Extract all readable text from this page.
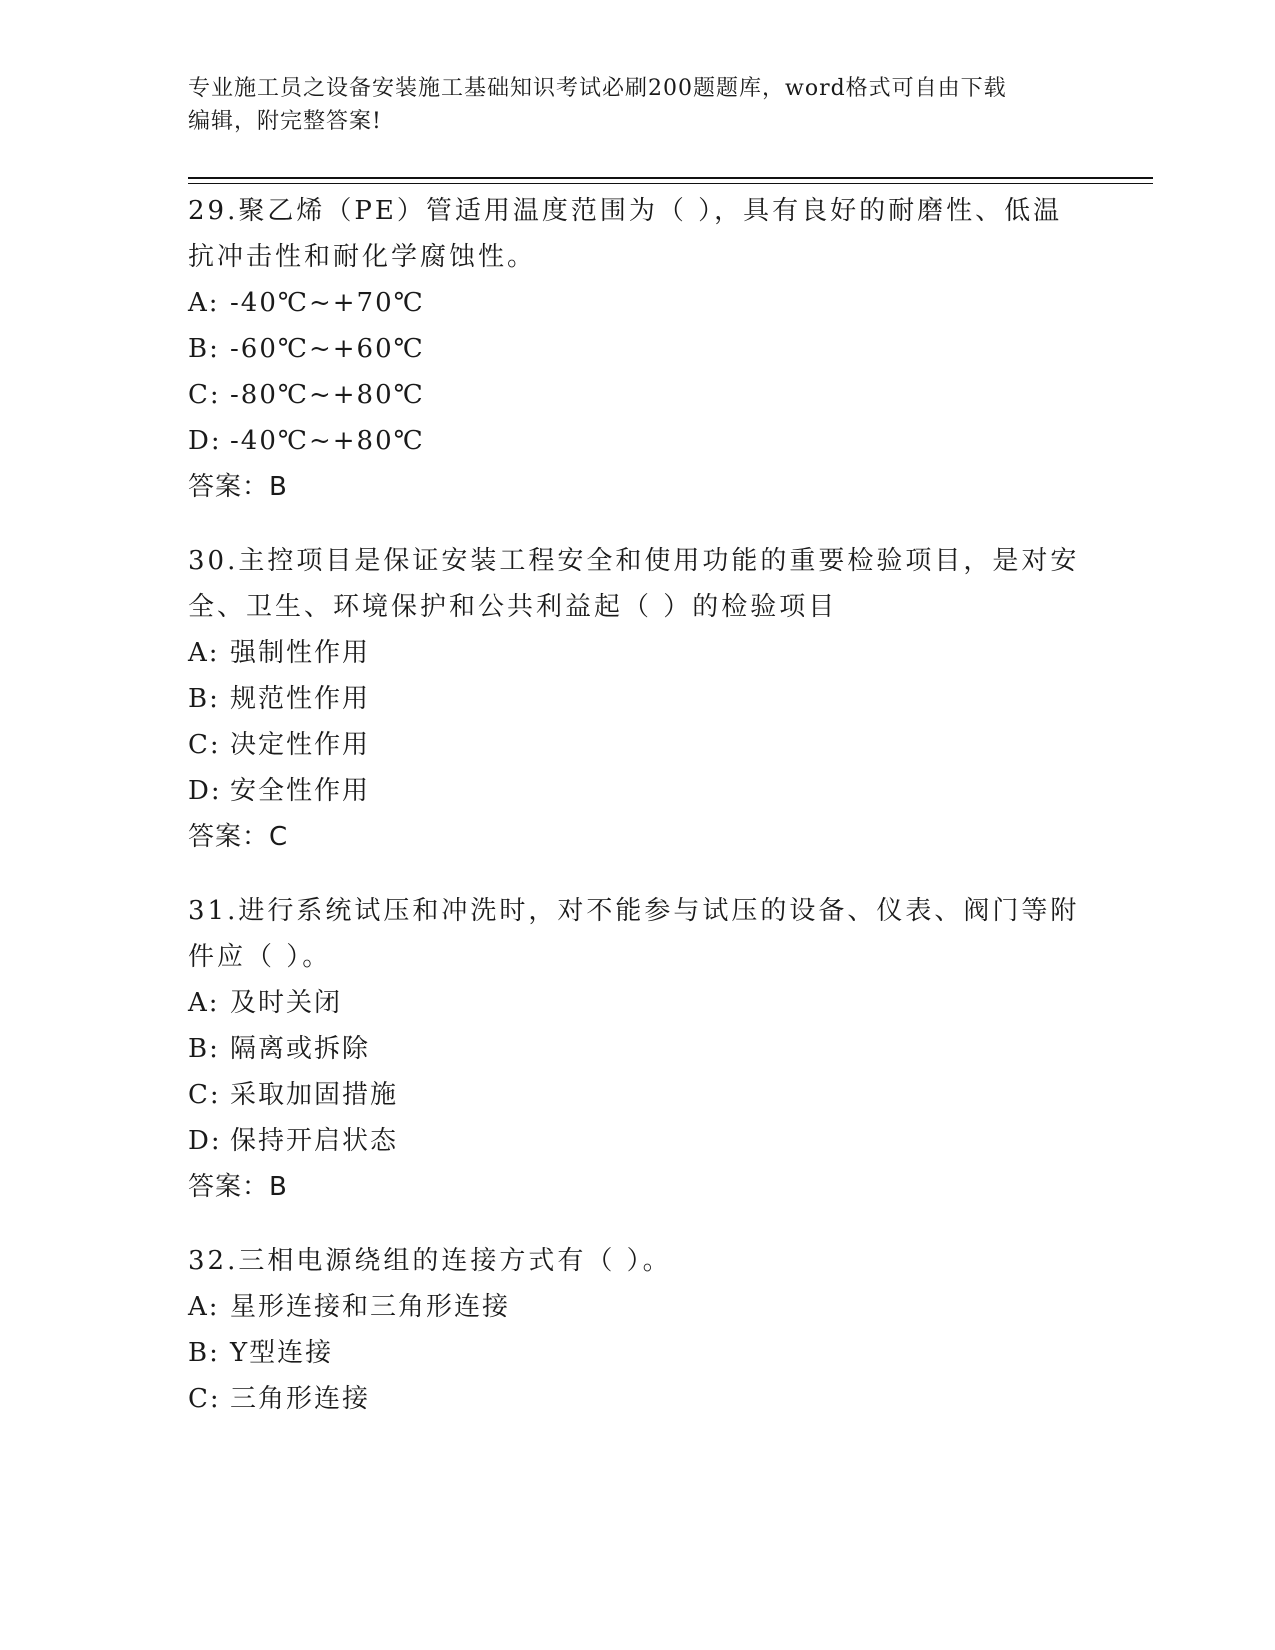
专业施工员之设备安装施工基础知识考试必刷200题题库，word格式可自由下载
编辑，附完整答案!
29.聚乙烯（PE）管适用温度范围为（ ），具有良好的耐磨性、低温
抗冲击性和耐化学腐蚀性。
A: -40℃~+70℃
B: -60℃~+60℃
C: -80℃~+80℃
D: -40℃~+80℃
答案：B
30.主控项目是保证安装工程安全和使用功能的重要检验项目，是对安
全、卫生、环境保护和公共利益起（ ）的检验项目
A: 强制性作用
B: 规范性作用
C: 决定性作用
D: 安全性作用
答案：C
31.进行系统试压和冲洗时，对不能参与试压的设备、仪表、阀门等附
件应（ ）。
A: 及时关闭
B: 隔离或拆除
C: 采取加固措施
D: 保持开启状态
答案：B
32.三相电源绕组的连接方式有（ ）。
A: 星形连接和三角形连接
B: Y型连接
C: 三角形连接
